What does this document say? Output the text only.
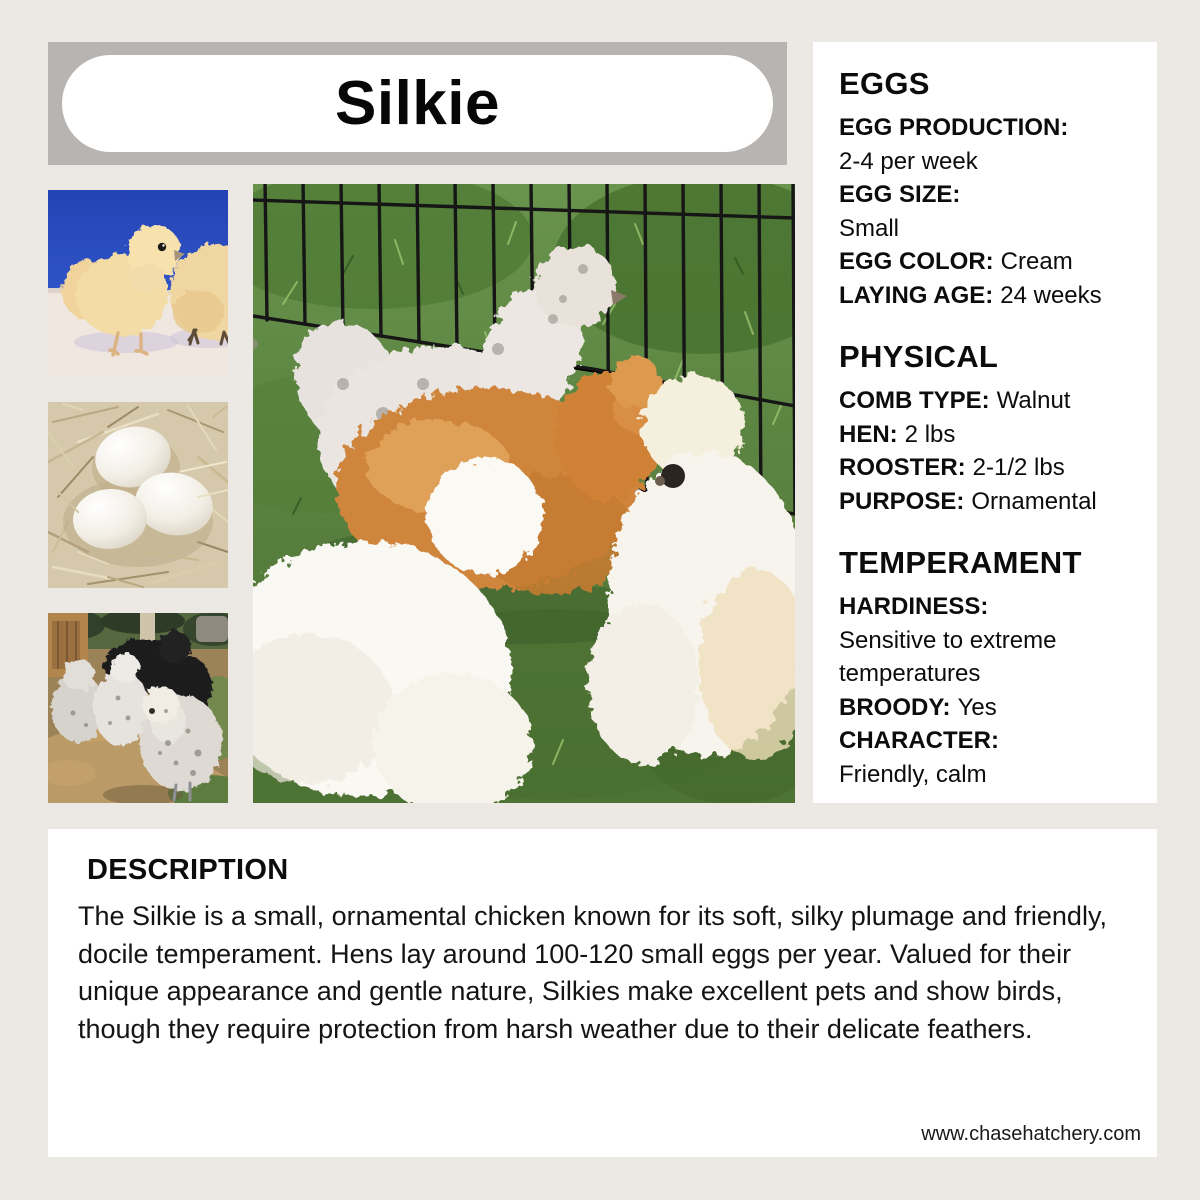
Silkie	EGGS
EGG PRODUCTION:
2-4 per week
EGG SIZE:
Small
EGG COLOR: Cream
LAYING AGE: 24 weeks
PHYSICAL
COMB TYPE: Walnut
HEN: 2 lbs
ROOSTER: 2-1/2 lbs
PURPOSE: Ornamental
TEMPERAMENT
HARDINESS:
Sensitive to extreme temperatures
BROODY: Yes
CHARACTER:
Friendly, calm
DESCRIPTION

The Silkie is a small, ornamental chicken known for its soft, silky plumage and friendly, docile temperament. Hens lay around 100-120 small eggs per year. Valued for their unique appearance and gentle nature, Silkies make excellent pets and show birds, though they require protection from harsh weather due to their delicate feathers.

www.chasehatchery.com
